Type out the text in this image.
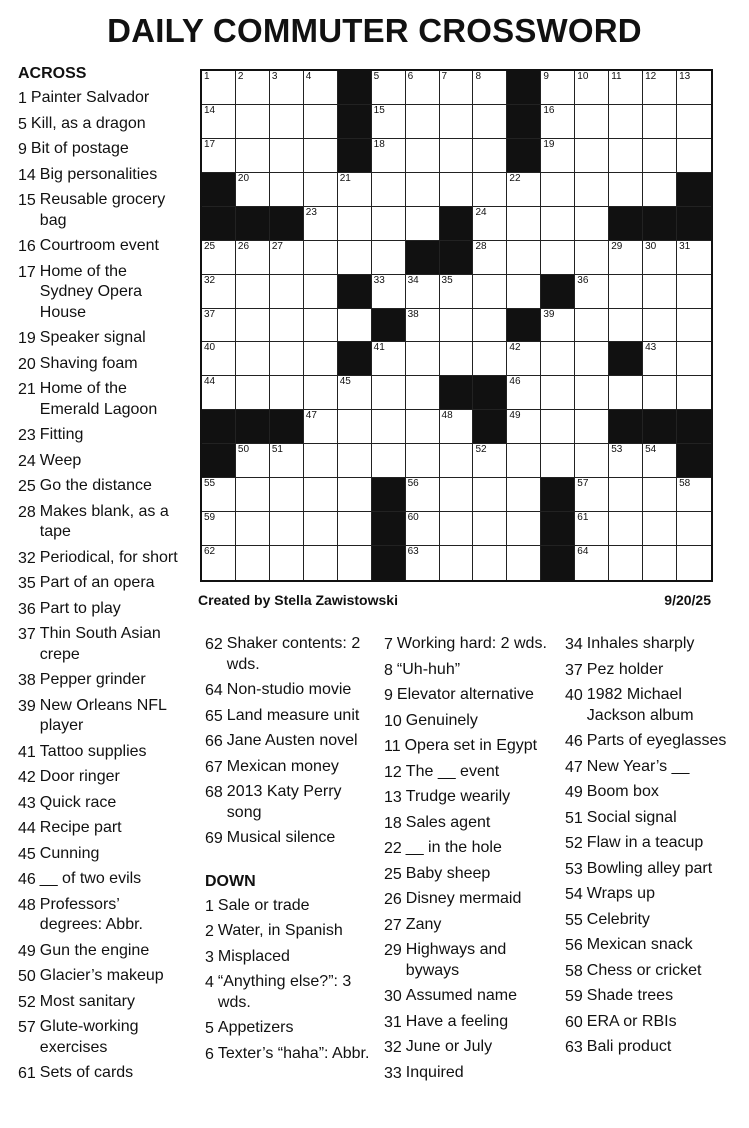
DAILY COMMUTER CROSSWORD
ACROSS
1 Painter Salvador
5 Kill, as a dragon
9 Bit of postage
14 Big personalities
15 Reusable grocery bag
16 Courtroom event
17 Home of the Sydney Opera House
19 Speaker signal
20 Shaving foam
21 Home of the Emerald Lagoon
23 Fitting
24 Weep
25 Go the distance
28 Makes blank, as a tape
32 Periodical, for short
35 Part of an opera
36 Part to play
37 Thin South Asian crepe
38 Pepper grinder
39 New Orleans NFL player
41 Tattoo supplies
42 Door ringer
43 Quick race
44 Recipe part
45 Cunning
46 __ of two evils
48 Professors’ degrees: Abbr.
49 Gun the engine
50 Glacier’s makeup
52 Most sanitary
57 Glute-working exercises
61 Sets of cards
1	2	3	4	5	6	7	8	9	10 11 12 13
14	15	16
17	18	19
20	21	22
23	24
25 26 27	28	29 30 31
32	33 34 35	36
37	38	39
40	41	42	43
44	45	46
47	48	49
50 51	52	53 54
55	56	57	58
59	60	61
62	63	64
Created by Stella Zawistowski	9/20/25
62 Shaker contents: 2 wds.
64 Non-studio movie
65 Land measure unit
66 Jane Austen novel
67 Mexican money
68 2013 Katy Perry song
69 Musical silence
DOWN
1 Sale or trade
2 Water, in Spanish
3 Misplaced
4 “Anything else?”: 3 wds.
5 Appetizers
6 Texter’s “haha”: Abbr.
7 Working hard: 2 wds.
8 “Uh-huh”
9 Elevator alternative
10 Genuinely
11 Opera set in Egypt
12 The __ event
13 Trudge wearily
18 Sales agent
22 __ in the hole
25 Baby sheep
26 Disney mermaid
27 Zany
29 Highways and byways
30 Assumed name
31 Have a feeling
32 June or July
33 Inquired
34 Inhales sharply
37 Pez holder
40 1982 Michael Jackson album
46 Parts of eyeglasses
47 New Year’s __
49 Boom box
51 Social signal
52 Flaw in a teacup
53 Bowling alley part
54 Wraps up
55 Celebrity
56 Mexican snack
58 Chess or cricket
59 Shade trees
60 ERA or RBIs
63 Bali product
